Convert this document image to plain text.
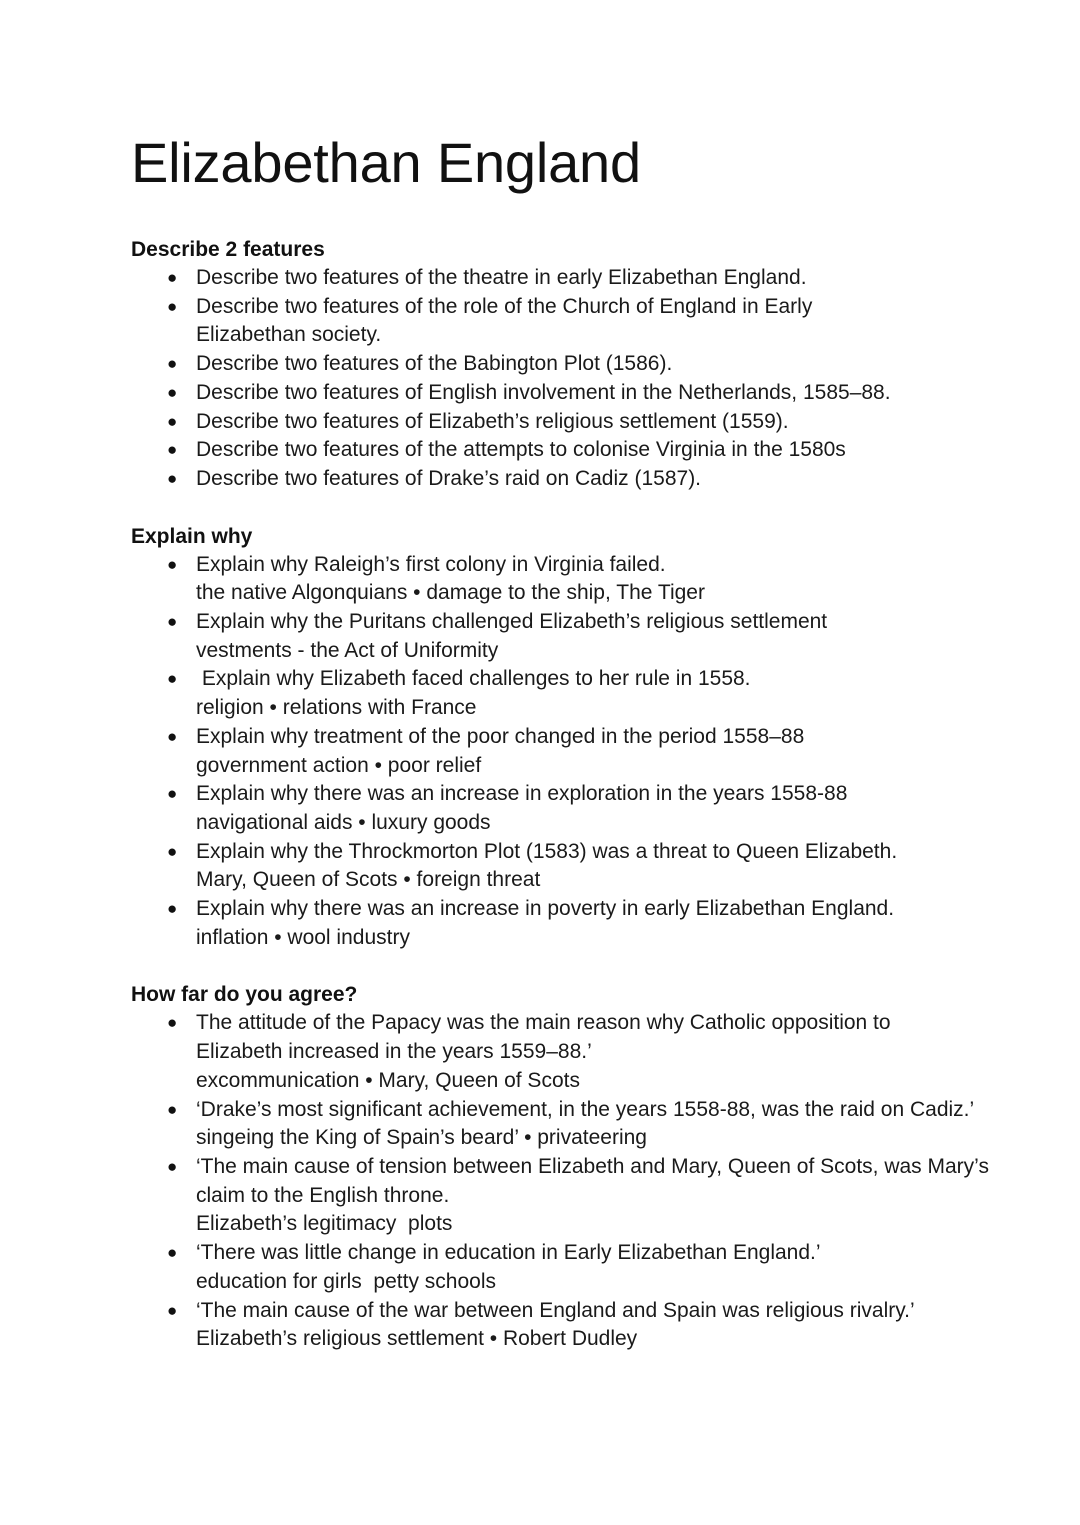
Elizabethan England
Describe 2 features
● Describe two features of the theatre in early Elizabethan England.
● Describe two features of the role of the Church of England in Early Elizabethan society.
● Describe two features of the Babington Plot (1586).
● Describe two features of English involvement in the Netherlands, 1585–88.
● Describe two features of Elizabeth’s religious settlement (1559).
● Describe two features of the attempts to colonise Virginia in the 1580s
● Describe two features of Drake’s raid on Cadiz (1587).
Explain why
● Explain why Raleigh’s first colony in Virginia failed.
the native Algonquians • damage to the ship, The Tiger
● Explain why the Puritans challenged Elizabeth’s religious settlement
vestments - the Act of Uniformity
● Explain why Elizabeth faced challenges to her rule in 1558.
religion • relations with France
● Explain why treatment of the poor changed in the period 1558–88
government action • poor relief
● Explain why there was an increase in exploration in the years 1558-88
navigational aids • luxury goods
● Explain why the Throckmorton Plot (1583) was a threat to Queen Elizabeth.
Mary, Queen of Scots • foreign threat
● Explain why there was an increase in poverty in early Elizabethan England.
inflation • wool industry
How far do you agree?
● The attitude of the Papacy was the main reason why Catholic opposition to Elizabeth increased in the years 1559–88.’
excommunication • Mary, Queen of Scots
● ‘Drake’s most significant achievement, in the years 1558-88, was the raid on Cadiz.’
singeing the King of Spain’s beard’ • privateering
● ‘The main cause of tension between Elizabeth and Mary, Queen of Scots, was Mary’s claim to the English throne.
Elizabeth’s legitimacy  plots
● ‘There was little change in education in Early Elizabethan England.’
education for girls  petty schools
● ‘The main cause of the war between England and Spain was religious rivalry.’
Elizabeth’s religious settlement • Robert Dudley
